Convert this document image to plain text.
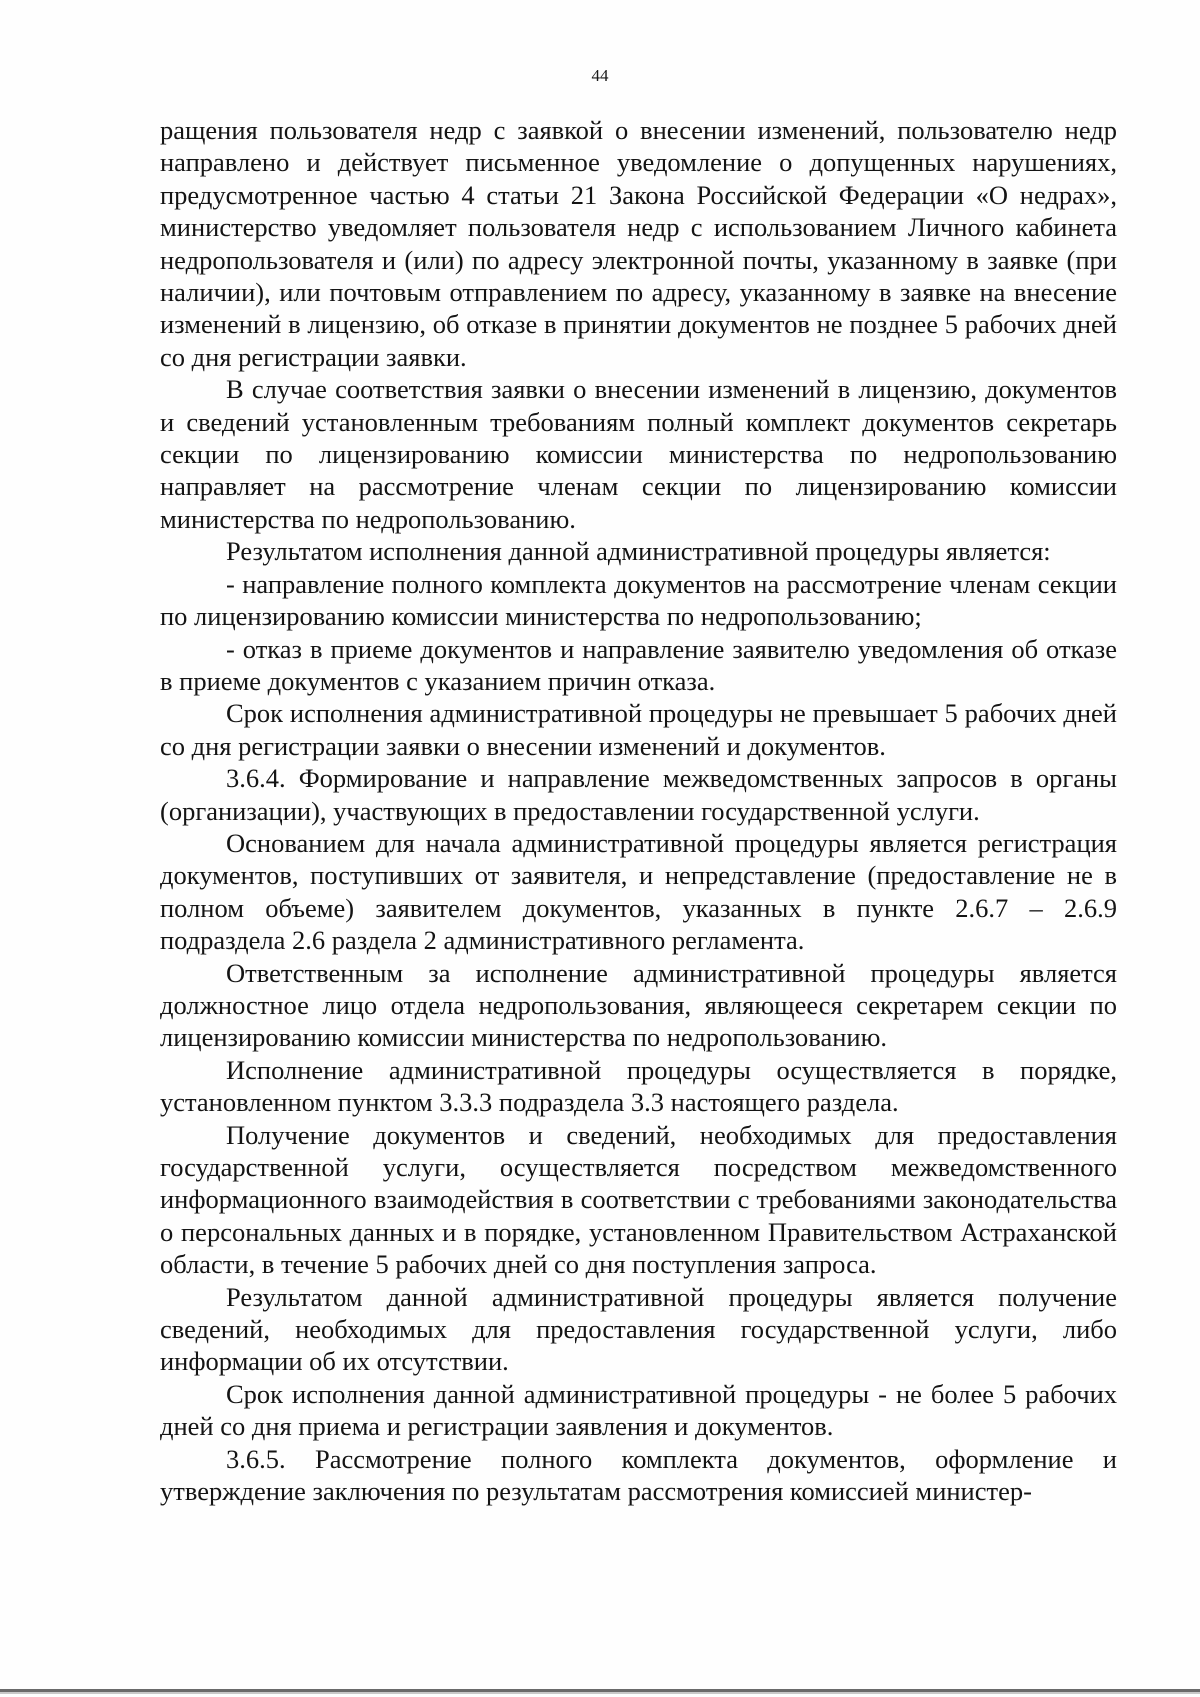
44

ращения пользователя недр с заявкой о внесении изменений, пользователю недр направлено и действует письменное уведомление о допущенных нарушениях, предусмотренное частью 4 статьи 21 Закона Российской Федерации «О недрах», министерство уведомляет пользователя недр с использованием Личного кабинета недропользователя и (или) по адресу электронной почты, указанному в заявке (при наличии), или почтовым отправлением по адресу, указанному в заявке на внесение изменений в лицензию, об отказе в принятии документов не позднее 5 рабочих дней со дня регистрации заявки.

В случае соответствия заявки о внесении изменений в лицензию, документов и сведений установленным требованиям полный комплект документов секретарь секции по лицензированию комиссии министерства по недропользованию направляет на рассмотрение членам секции по лицензированию комиссии министерства по недропользованию.

Результатом исполнения данной административной процедуры является:

- направление полного комплекта документов на рассмотрение членам секции по лицензированию комиссии министерства по недропользованию;

- отказ в приеме документов и направление заявителю уведомления об отказе в приеме документов с указанием причин отказа.

Срок исполнения административной процедуры не превышает 5 рабочих дней со дня регистрации заявки о внесении изменений и документов.

3.6.4. Формирование и направление межведомственных запросов в органы (организации), участвующих в предоставлении государственной услуги.

Основанием для начала административной процедуры является регистрация документов, поступивших от заявителя, и непредставление (предоставление не в полном объеме) заявителем документов, указанных в пункте 2.6.7 – 2.6.9 подраздела 2.6 раздела 2 административного регламента.

Ответственным за исполнение административной процедуры является должностное лицо отдела недропользования, являющееся секретарем секции по лицензированию комиссии министерства по недропользованию.

Исполнение административной процедуры осуществляется в порядке, установленном пунктом 3.3.3 подраздела 3.3 настоящего раздела.

Получение документов и сведений, необходимых для предоставления государственной услуги, осуществляется посредством межведомственного информационного взаимодействия в соответствии с требованиями законодательства о персональных данных и в порядке, установленном Правительством Астраханской области, в течение 5 рабочих дней со дня поступления запроса.

Результатом данной административной процедуры является получение сведений, необходимых для предоставления государственной услуги, либо информации об их отсутствии.

Срок исполнения данной административной процедуры - не более 5 рабочих дней со дня приема и регистрации заявления и документов.

3.6.5. Рассмотрение полного комплекта документов, оформление и утверждение заключения по результатам рассмотрения комиссией министер-
